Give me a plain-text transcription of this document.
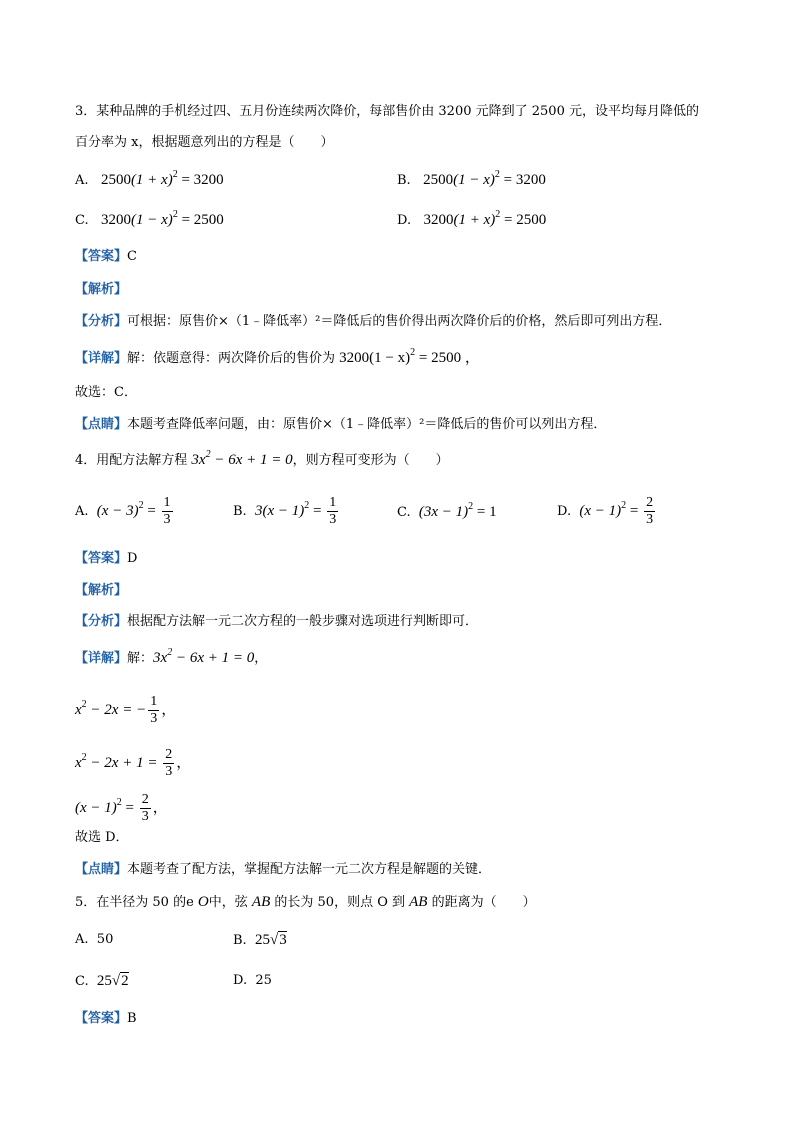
3．某种品牌的手机经过四、五月份连续两次降价，每部售价由 3200 元降到了 2500 元，设平均每月降低的
百分率为 x，根据题意列出的方程是（　　）
A. $2500(1 + x)^2 = 3200$	B. $2500(1 - x)^2 = 3200$
C. $3200(1 - x)^2 = 2500$	D. $3200(1 + x)^2 = 2500$
【答案】C
【解析】
【分析】可根据：原售价×（1﹣降低率）²＝降低后的售价得出两次降价后的价格，然后即可列出方程．
【详解】解：依题意得：两次降价后的售价为 $3200(1 - x)^2 = 2500$ ，
故选：C．
【点睛】本题考查降低率问题，由：原售价×（1﹣降低率）²＝降低后的售价可以列出方程．
4．用配方法解方程 $3x^2 - 6x + 1 = 0$，则方程可变形为（　　）
A. $(x - 3)^2 = \frac{1}{3}$	B. $3(x - 1)^2 = \frac{1}{3}$	C. $(3x - 1)^2 = 1$	D. $(x - 1)^2 = \frac{2}{3}$
【答案】D
【解析】
【分析】根据配方法解一元二次方程的一般步骤对选项进行判断即可．
【详解】解：$3x^2 - 6x + 1 = 0$，
$x^2 - 2x$ = − $\frac{1}{3}$ ，
$x^2 - 2x + 1 = \frac{2}{3}$ ，
$(x - 1)^2 = \frac{2}{3}$ ，
故选 D．
【点睛】本题考查了配方法，掌握配方法解一元二次方程是解题的关键．
5．在半径为 50 的e O中，弦 AB 的长为 50，则点 O 到 AB 的距离为（　　）
A. 50	B. 25√3
C. 25√2	D. 25
【答案】B
